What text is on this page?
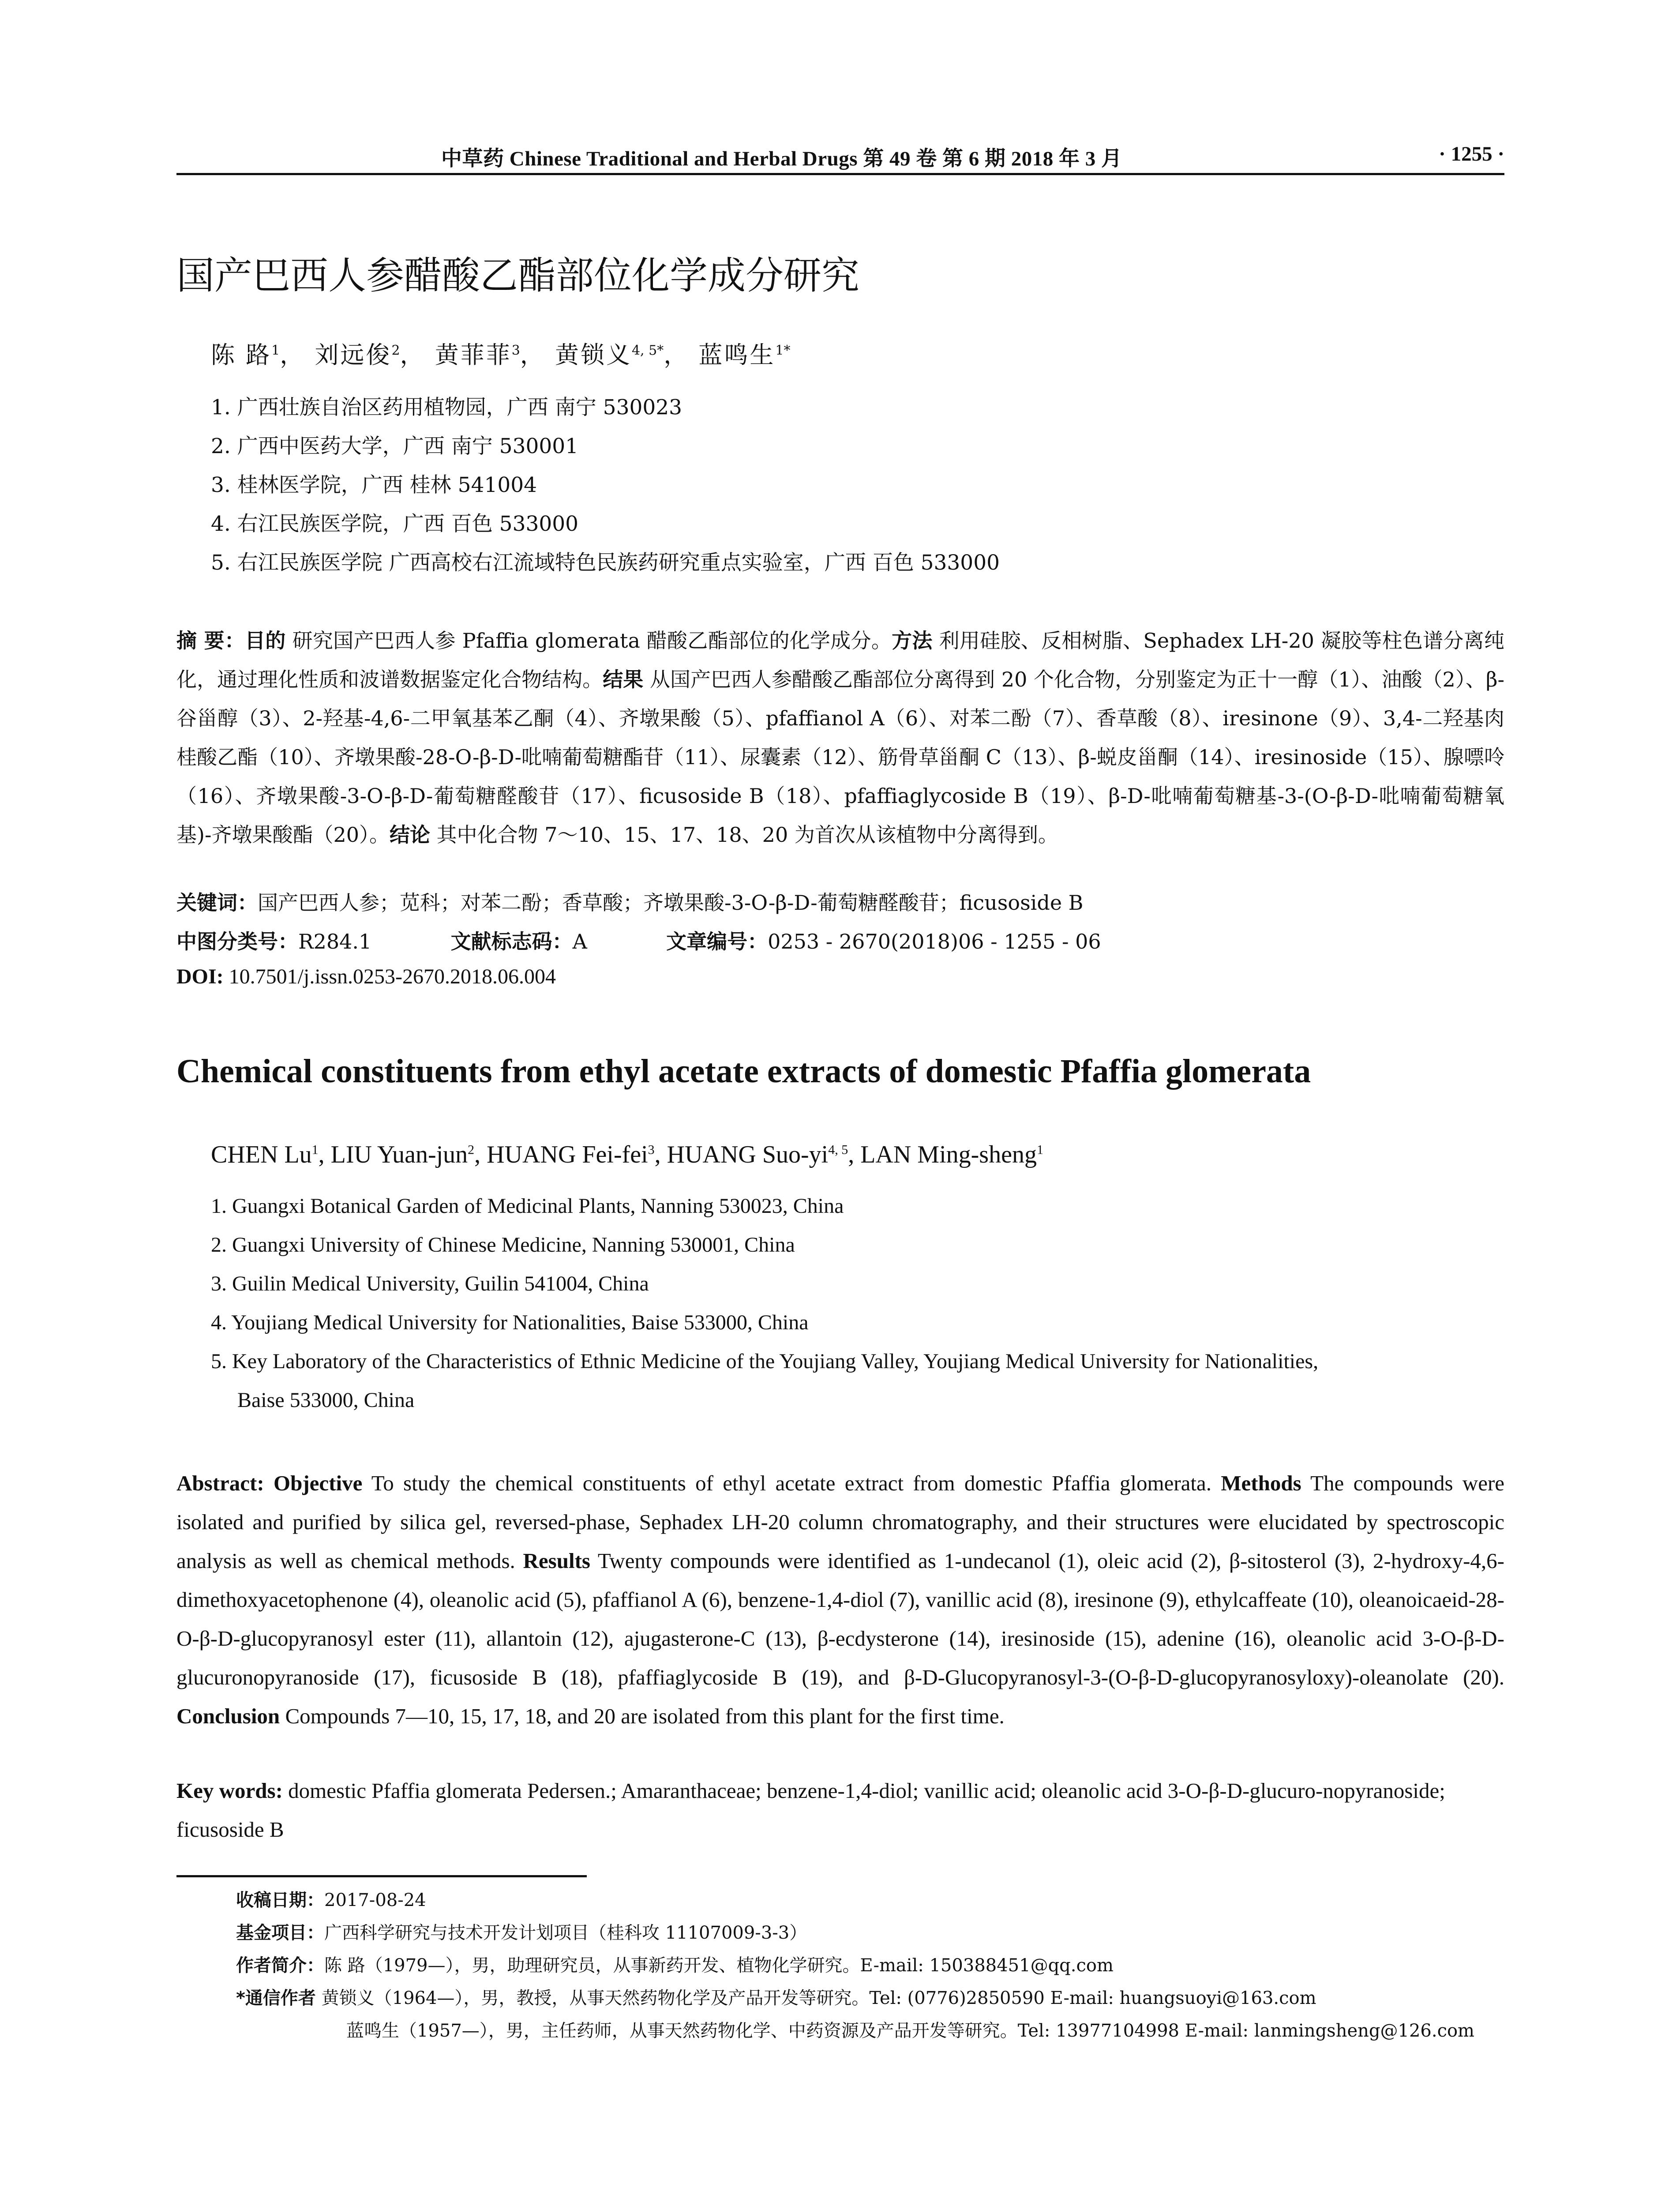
中草药 Chinese Traditional and Herbal Drugs 第 49 卷 第 6 期 2018 年 3 月	· 1255 ·
国产巴西人参醋酸乙酯部位化学成分研究
陈 路$^1$， 刘远俊$^2$， 黄菲菲$^3$， 黄锁义$^{4, 5*}$， 蓝鸣生$^{1*}$
1. 广西壮族自治区药用植物园，广西 南宁 530023
2. 广西中医药大学，广西 南宁 530001
3. 桂林医学院，广西 桂林 541004
4. 右江民族医学院，广西 百色 533000
5. 右江民族医学院 广西高校右江流域特色民族药研究重点实验室，广西 百色 533000
摘 要：目的 研究国产巴西人参 Pfaffia glomerata 醋酸乙酯部位的化学成分。方法 利用硅胶、反相树脂、Sephadex LH-20 凝胶等柱色谱分离纯化，通过理化性质和波谱数据鉴定化合物结构。结果 从国产巴西人参醋酸乙酯部位分离得到 20 个化合物，分别鉴定为正十一醇（1）、油酸（2）、β-谷甾醇（3）、2-羟基-4,6-二甲氧基苯乙酮（4）、齐墩果酸（5）、pfaffianol A（6）、对苯二酚（7）、香草酸（8）、iresinone（9）、3,4-二羟基肉桂酸乙酯（10）、齐墩果酸-28-O-β-D-吡喃葡萄糖酯苷（11）、尿囊素（12）、筋骨草甾酮 C（13）、β-蜕皮甾酮（14）、iresinoside（15）、腺嘌呤（16）、齐墩果酸-3-O-β-D-葡萄糖醛酸苷（17）、ficusoside B（18）、pfaffiaglycoside B（19）、β-D-吡喃葡萄糖基-3-(O-β-D-吡喃葡萄糖氧基)-齐墩果酸酯（20）。结论 其中化合物 7～10、15、17、18、20 为首次从该植物中分离得到。
关键词：国产巴西人参；苋科；对苯二酚；香草酸；齐墩果酸-3-O-β-D-葡萄糖醛酸苷；ficusoside B
中图分类号：R284.1	文献标志码：A	文章编号：0253 - 2670(2018)06 - 1255 - 06
DOI: 10.7501/j.issn.0253-2670.2018.06.004
Chemical constituents from ethyl acetate extracts of domestic Pfaffia glomerata
CHEN Lu$^1$, LIU Yuan-jun$^2$, HUANG Fei-fei$^3$, HUANG Suo-yi$^{4, 5}$, LAN Ming-sheng$^1$
1. Guangxi Botanical Garden of Medicinal Plants, Nanning 530023, China
2. Guangxi University of Chinese Medicine, Nanning 530001, China
3. Guilin Medical University, Guilin 541004, China
4. Youjiang Medical University for Nationalities, Baise 533000, China
5. Key Laboratory of the Characteristics of Ethnic Medicine of the Youjiang Valley, Youjiang Medical University for Nationalities,
Baise 533000, China
Abstract: Objective To study the chemical constituents of ethyl acetate extract from domestic Pfaffia glomerata. Methods The compounds were isolated and purified by silica gel, reversed-phase, Sephadex LH-20 column chromatography, and their structures were elucidated by spectroscopic analysis as well as chemical methods. Results Twenty compounds were identified as 1-undecanol (1), oleic acid (2), β-sitosterol (3), 2-hydroxy-4,6-dimethoxyacetophenone (4), oleanolic acid (5), pfaffianol A (6), benzene-1,4-diol (7), vanillic acid (8), iresinone (9), ethylcaffeate (10), oleanoicaeid-28-O-β-D-glucopyranosyl ester (11), allantoin (12), ajugasterone-C (13), β-ecdysterone (14), iresinoside (15), adenine (16), oleanolic acid 3-O-β-D-glucuronopyranoside (17), ficusoside B (18), pfaffiaglycoside B (19), and β-D-Glucopyranosyl-3-(O-β-D-glucopyranosyloxy)-oleanolate (20). Conclusion Compounds 7—10, 15, 17, 18, and 20 are isolated from this plant for the first time.
Key words: domestic Pfaffia glomerata Pedersen.; Amaranthaceae; benzene-1,4-diol; vanillic acid; oleanolic acid 3-O-β-D-glucuro-nopyranoside; ficusoside B
收稿日期：2017-08-24
基金项目：广西科学研究与技术开发计划项目（桂科攻 11107009-3-3）
作者简介：陈 路（1979—），男，助理研究员，从事新药开发、植物化学研究。E-mail: 150388451@qq.com
*通信作者 黄锁义（1964—），男，教授，从事天然药物化学及产品开发等研究。Tel: (0776)2850590 E-mail: huangsuoyi@163.com
蓝鸣生（1957—），男，主任药师，从事天然药物化学、中药资源及产品开发等研究。Tel: 13977104998 E-mail: lanmingsheng@126.com
